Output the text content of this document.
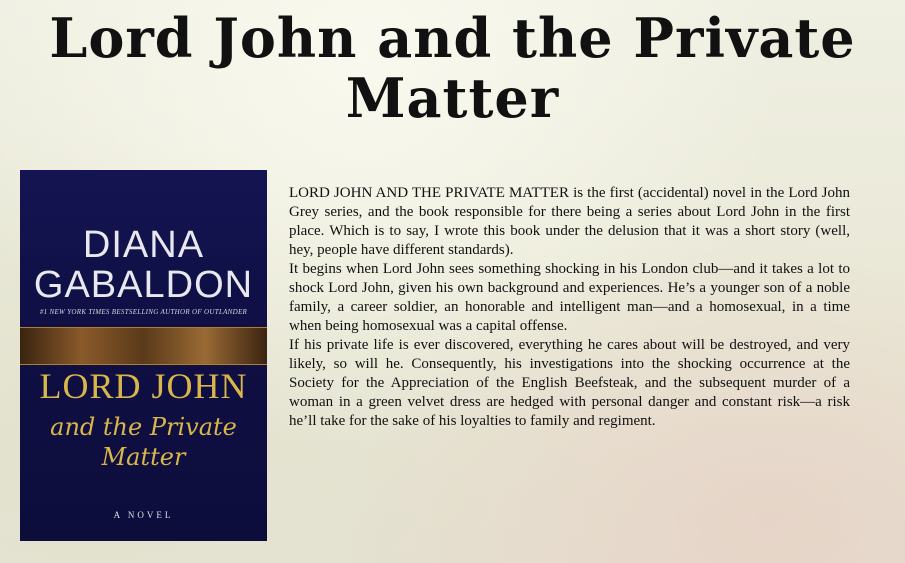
Lord John and the Private Matter
DIANA
GABALDON
#1 NEW YORK TIMES BESTSELLING AUTHOR OF OUTLANDER
LORD JOHN
and the Private Matter
A NOVEL

LORD JOHN AND THE PRIVATE MATTER is the first (accidental) novel in the Lord John Grey series, and the book responsible for there being a series about Lord John in the first place. Which is to say, I wrote this book under the delusion that it was a short story (well, hey, people have different standards).

It begins when Lord John sees something shocking in his London club—and it takes a lot to shock Lord John, given his own background and experiences. He’s a younger son of a noble family, a career soldier, an honorable and intelligent man—and a homosexual, in a time when being homosexual was a capital offense.

If his private life is ever discovered, everything he cares about will be destroyed, and very likely, so will he. Consequently, his investigations into the shocking occurrence at the Society for the Appreciation of the English Beefsteak, and the subsequent murder of a woman in a green velvet dress are hedged with personal danger and constant risk—a risk he’ll take for the sake of his loyalties to family and regiment.
